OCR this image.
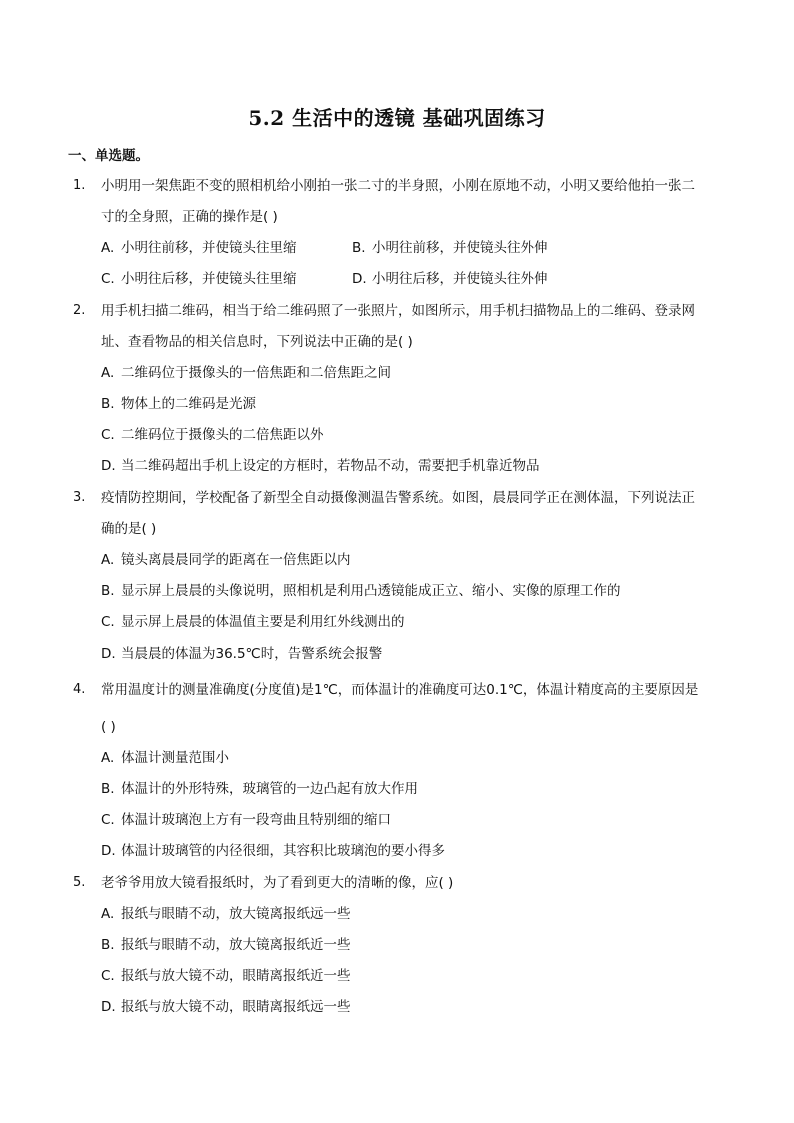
5.2 生活中的透镜 基础巩固练习
一、单选题。
1. 小明用一架焦距不变的照相机给小刚拍一张二寸的半身照，小刚在原地不动，小明又要给他拍一张二
寸的全身照，正确的操作是( )
A. 小明往前移，并使镜头往里缩	B. 小明往前移，并使镜头往外伸
C. 小明往后移，并使镜头往里缩	D. 小明往后移，并使镜头往外伸
2. 用手机扫描二维码，相当于给二维码照了一张照片，如图所示，用手机扫描物品上的二维码、登录网
址、查看物品的相关信息时，下列说法中正确的是( )
A. 二维码位于摄像头的一倍焦距和二倍焦距之间
B. 物体上的二维码是光源
C. 二维码位于摄像头的二倍焦距以外
D. 当二维码超出手机上设定的方框时，若物品不动，需要把手机靠近物品
3. 疫情防控期间，学校配备了新型全自动摄像测温告警系统。如图，晨晨同学正在测体温，下列说法正
确的是( )
A. 镜头离晨晨同学的距离在一倍焦距以内
B. 显示屏上晨晨的头像说明，照相机是利用凸透镜能成正立、缩小、实像的原理工作的
C. 显示屏上晨晨的体温值主要是利用红外线测出的
D. 当晨晨的体温为36.5℃时，告警系统会报警
4. 常用温度计的测量准确度(分度值)是1℃，而体温计的准确度可达0.1℃，体温计精度高的主要原因是
( )
A. 体温计测量范围小
B. 体温计的外形特殊，玻璃管的一边凸起有放大作用
C. 体温计玻璃泡上方有一段弯曲且特别细的缩口
D. 体温计玻璃管的内径很细，其容积比玻璃泡的要小得多
5. 老爷爷用放大镜看报纸时，为了看到更大的清晰的像，应( )
A. 报纸与眼睛不动，放大镜离报纸远一些
B. 报纸与眼睛不动，放大镜离报纸近一些
C. 报纸与放大镜不动，眼睛离报纸近一些
D. 报纸与放大镜不动，眼睛离报纸远一些
